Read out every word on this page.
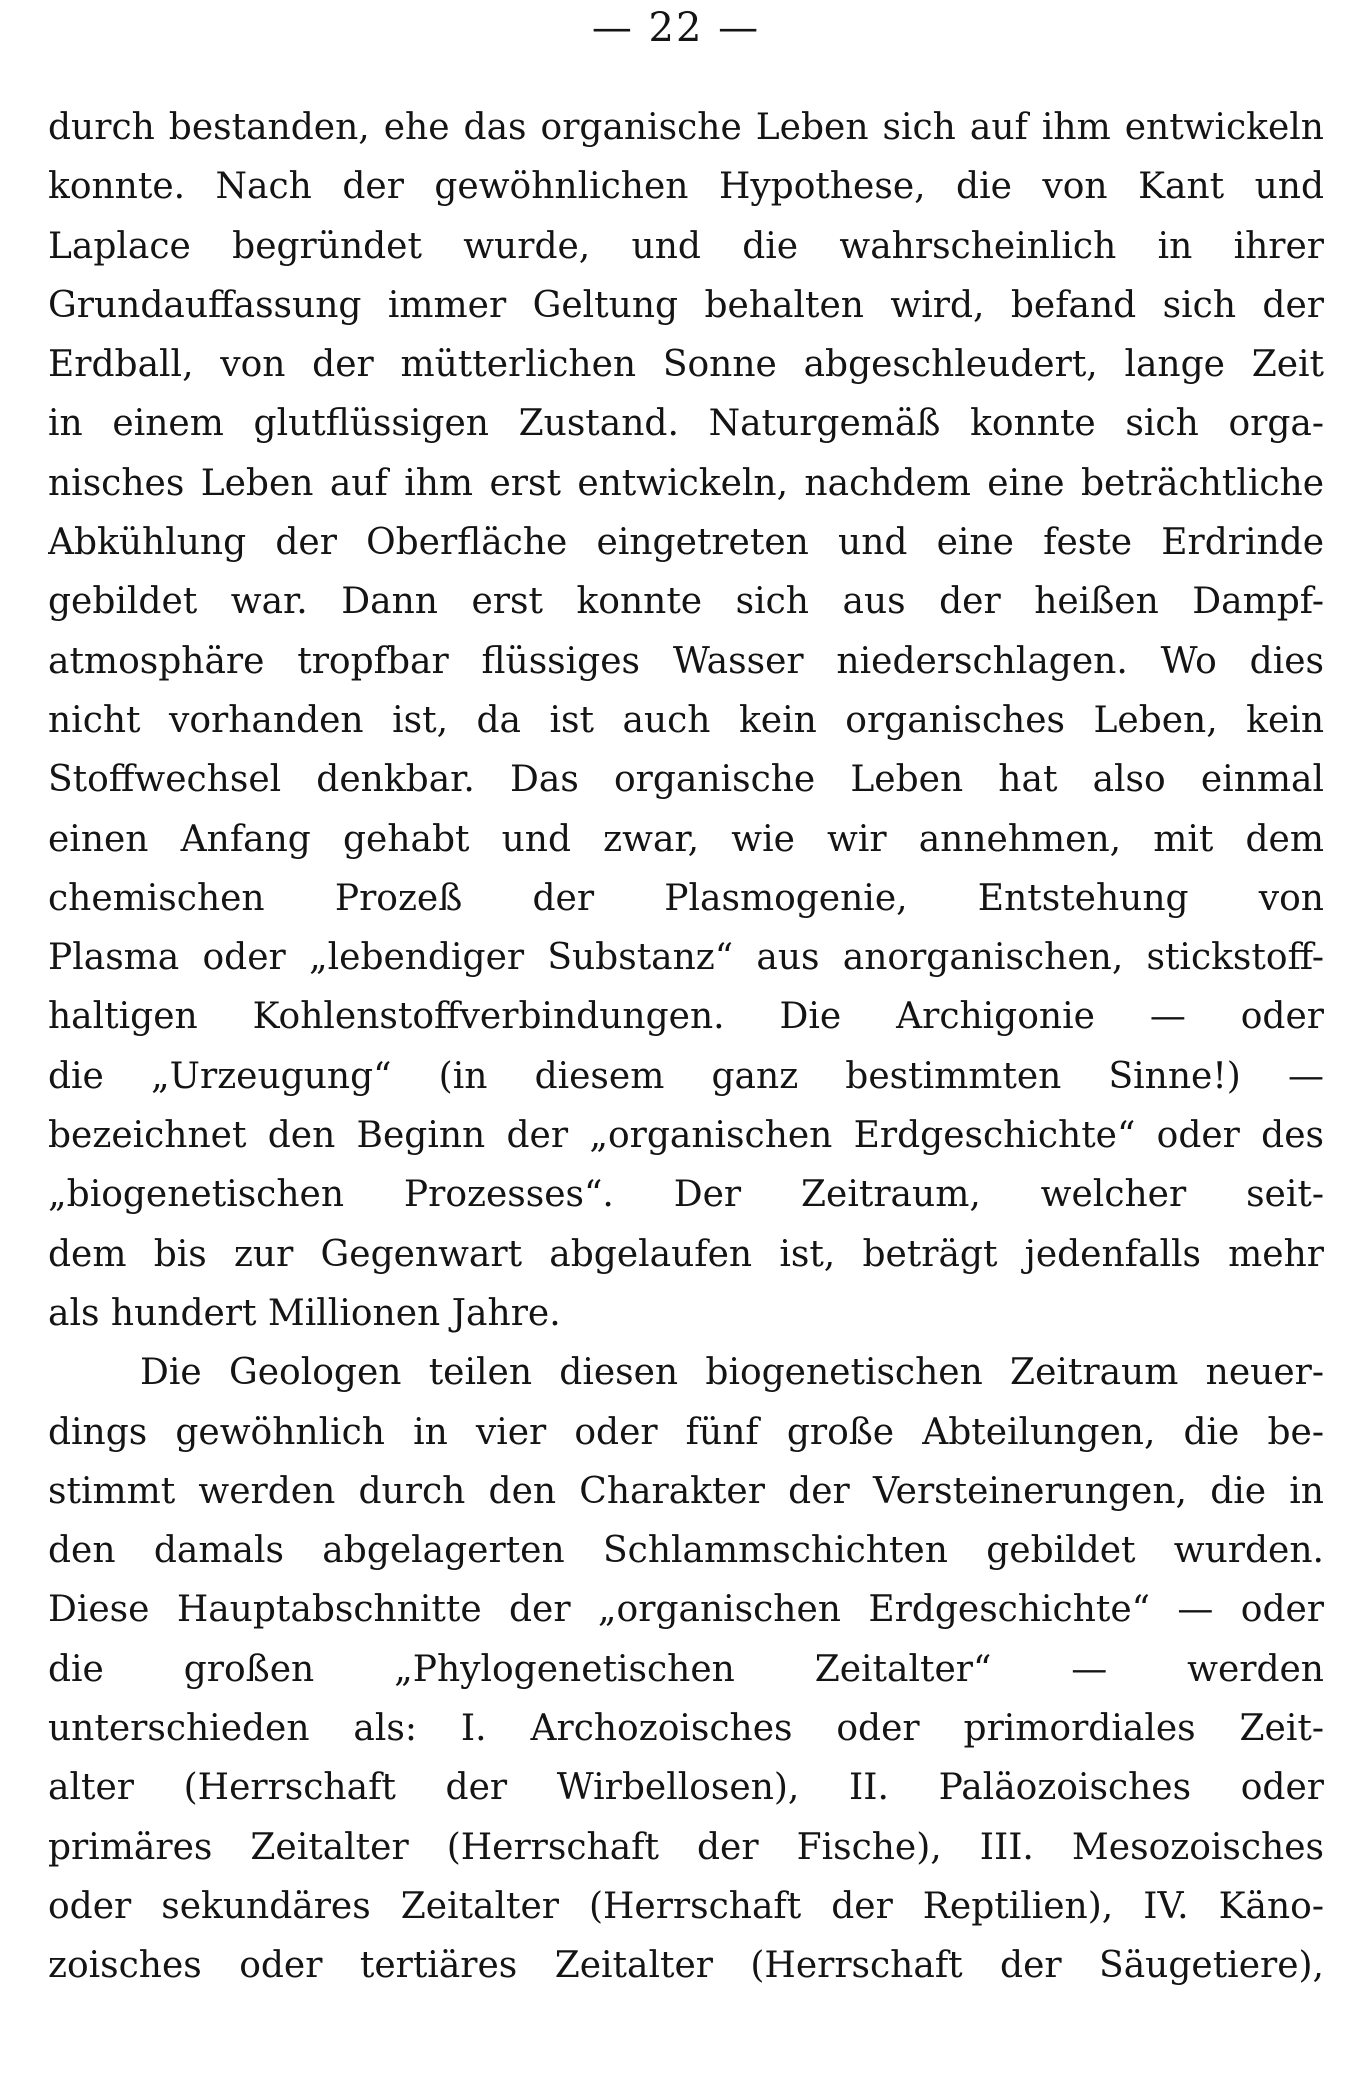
— 22 —
durch bestanden, ehe das organische Leben sich auf ihm entwickeln
konnte. Nach der gewöhnlichen Hypothese, die von Kant und
Laplace begründet wurde, und die wahrscheinlich in ihrer
Grundauffassung immer Geltung behalten wird, befand sich der
Erdball, von der mütterlichen Sonne abgeschleudert, lange Zeit
in einem glutflüssigen Zustand. Naturgemäß konnte sich orga-
nisches Leben auf ihm erst entwickeln, nachdem eine beträchtliche
Abkühlung der Oberfläche eingetreten und eine feste Erdrinde
gebildet war. Dann erst konnte sich aus der heißen Dampf-
atmosphäre tropfbar flüssiges Wasser niederschlagen. Wo dies
nicht vorhanden ist, da ist auch kein organisches Leben, kein
Stoffwechsel denkbar. Das organische Leben hat also einmal
einen Anfang gehabt und zwar, wie wir annehmen, mit dem
chemischen Prozeß der Plasmogenie, Entstehung von
Plasma oder „lebendiger Substanz“ aus anorganischen, stickstoff-
haltigen Kohlenstoffverbindungen. Die Archigonie — oder
die „Urzeugung“ (in diesem ganz bestimmten Sinne!) —
bezeichnet den Beginn der „organischen Erdgeschichte“ oder des
„biogenetischen Prozesses“. Der Zeitraum, welcher seit-
dem bis zur Gegenwart abgelaufen ist, beträgt jedenfalls mehr
als hundert Millionen Jahre.
Die Geologen teilen diesen biogenetischen Zeitraum neuer-
dings gewöhnlich in vier oder fünf große Abteilungen, die be-
stimmt werden durch den Charakter der Versteinerungen, die in
den damals abgelagerten Schlammschichten gebildet wurden.
Diese Hauptabschnitte der „organischen Erdgeschichte“ — oder
die großen „Phylogenetischen Zeitalter“ — werden
unterschieden als: I. Archozoisches oder primordiales Zeit-
alter (Herrschaft der Wirbellosen), II. Paläozoisches oder
primäres Zeitalter (Herrschaft der Fische), III. Mesozoisches
oder sekundäres Zeitalter (Herrschaft der Reptilien), IV. Käno-
zoisches oder tertiäres Zeitalter (Herrschaft der Säugetiere),
